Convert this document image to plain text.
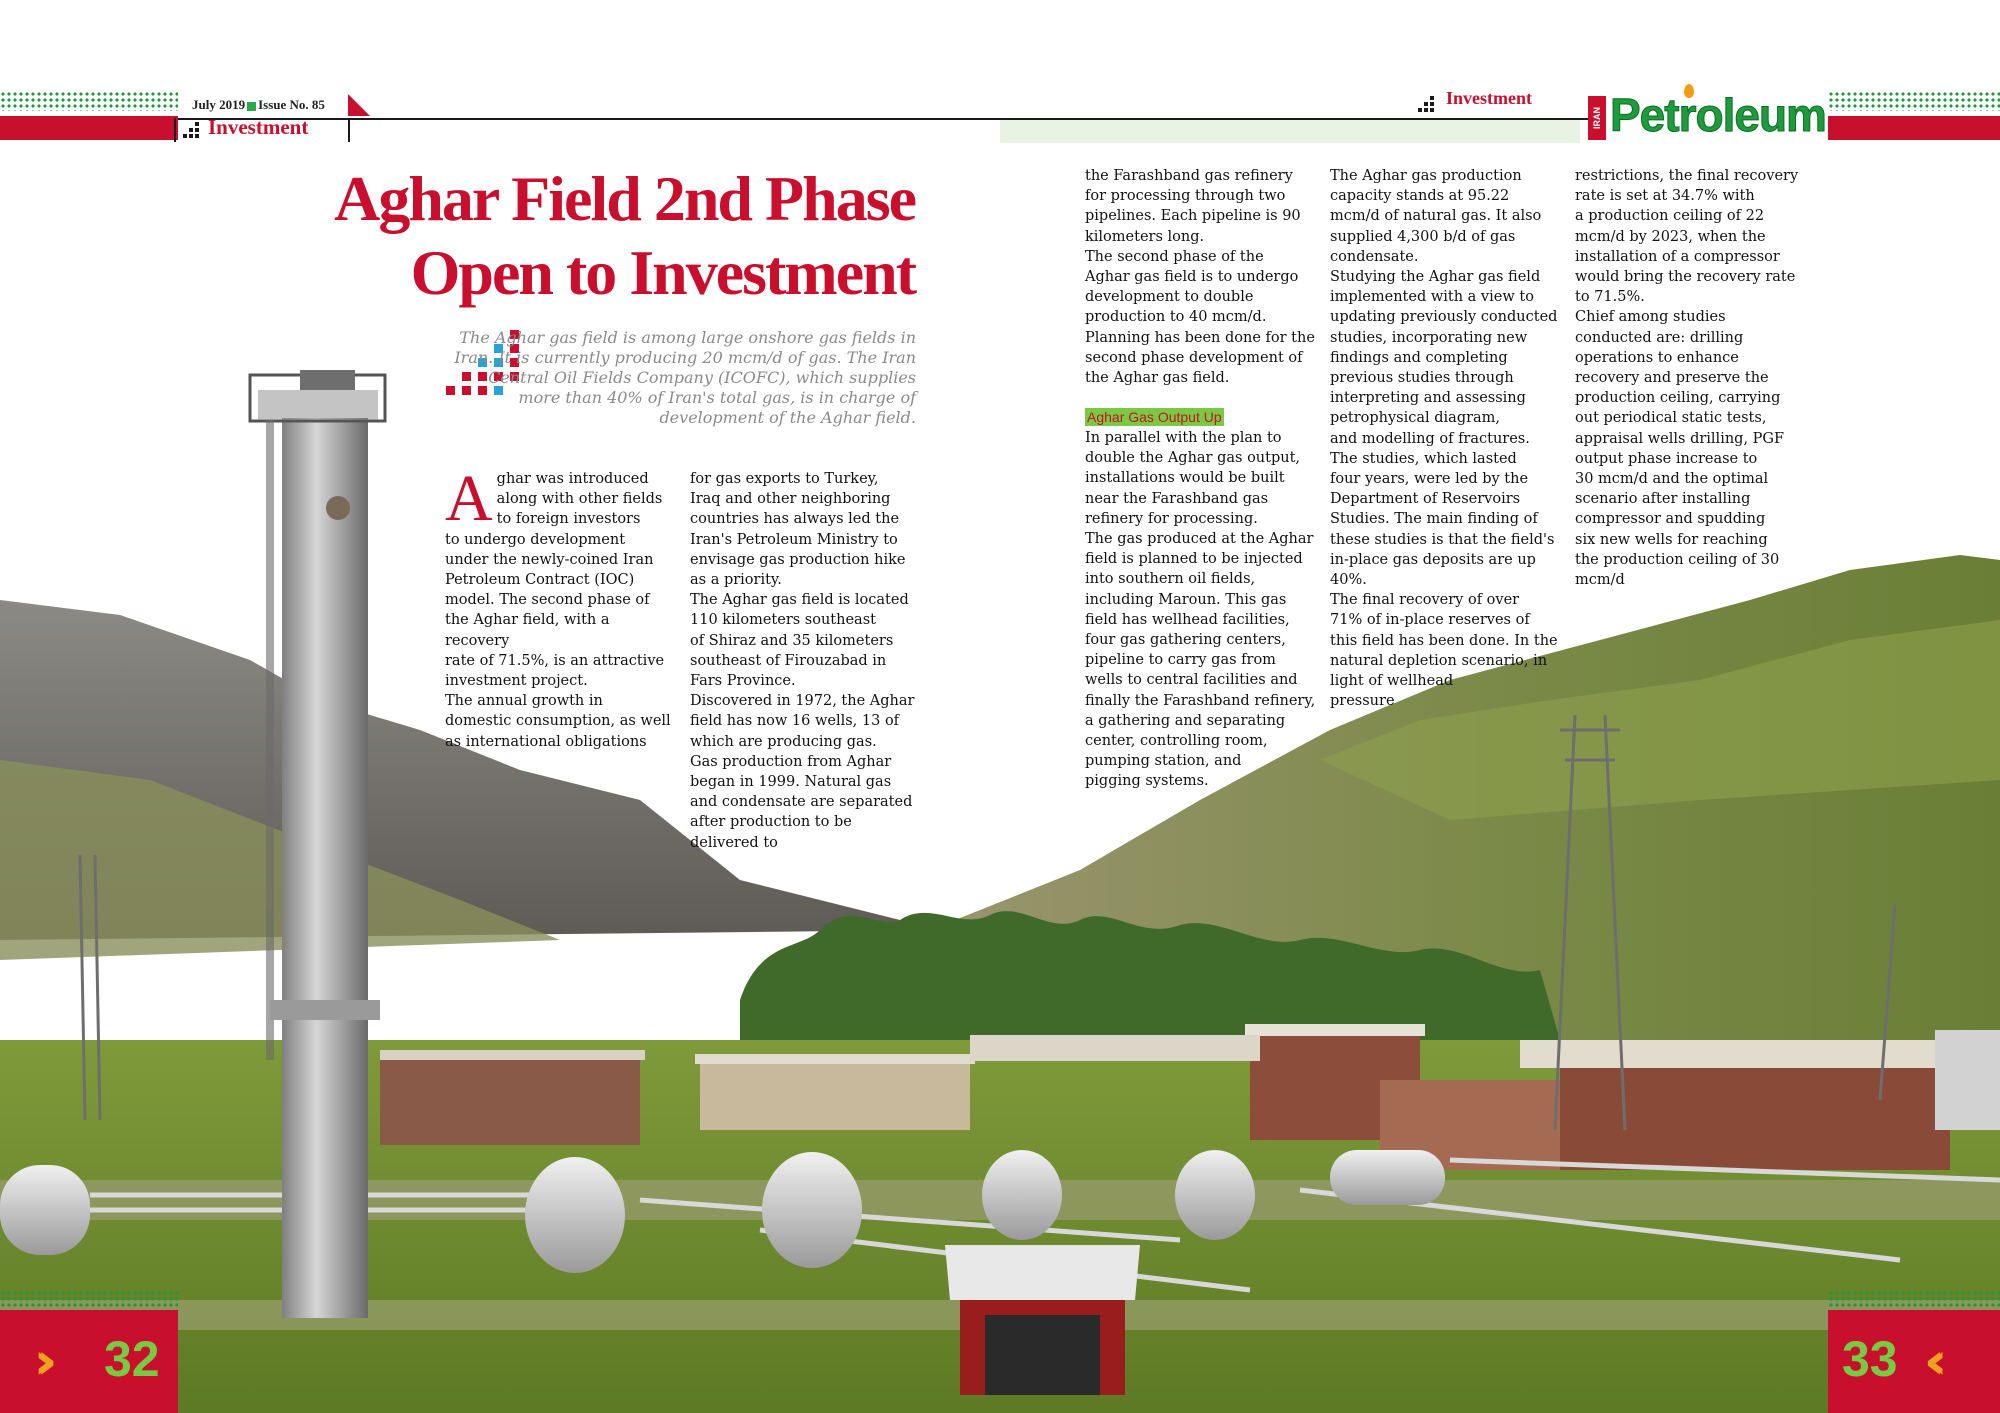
July 2019 Issue No. 85
Investment
Investment
IRAN Petroleum
Aghar Field 2nd Phase
Open to Investment
The Aghar gas field is among large onshore gas fields in Iran. It is currently producing 20 mcm/d of gas. The Iran Central Oil Fields Company (ICOFC), which supplies more than 40% of Iran's total gas, is in charge of development of the Aghar field.
Aghar was introduced
along with other fields
to foreign investors
to undergo development
under the newly-coined Iran
Petroleum Contract (IOC)
model. The second phase of
the Aghar field, with a recovery
rate of 71.5%, is an attractive
investment project.
The annual growth in
domestic consumption, as well
as international obligations
for gas exports to Turkey,
Iraq and other neighboring
countries has always led the
Iran's Petroleum Ministry to
envisage gas production hike
as a priority.
The Aghar gas field is located
110 kilometers southeast
of Shiraz and 35 kilometers
southeast of Firouzabad in
Fars Province.
Discovered in 1972, the Aghar
field has now 16 wells, 13 of
which are producing gas.
Gas production from Aghar
began in 1999. Natural gas
and condensate are separated
after production to be
delivered to
the Farashband gas refinery
for processing through two
pipelines. Each pipeline is 90
kilometers long.
The second phase of the
Aghar gas field is to undergo
development to double
production to 40 mcm/d.
Planning has been done for the
second phase development of
the Aghar gas field.
Aghar Gas Output Up
In parallel with the plan to
double the Aghar gas output,
installations would be built
near the Farashband gas
refinery for processing.
The gas produced at the Aghar
field is planned to be injected
into southern oil fields,
including Maroun. This gas
field has wellhead facilities,
four gas gathering centers,
pipeline to carry gas from
wells to central facilities and
finally the Farashband refinery,
a gathering and separating
center, controlling room,
pumping station, and
pigging systems.
The Aghar gas production
capacity stands at 95.22
mcm/d of natural gas. It also
supplied 4,300 b/d of gas
condensate.
Studying the Aghar gas field
implemented with a view to
updating previously conducted
studies, incorporating new
findings and completing
previous studies through
interpreting and assessing
petrophysical diagram,
and modelling of fractures.
The studies, which lasted
four years, were led by the
Department of Reservoirs
Studies. The main finding of
these studies is that the field's
in-place gas deposits are up
40%.
The final recovery of over
71% of in-place reserves of
this field has been done. In the
natural depletion scenario, in
light of wellhead
pressure
restrictions, the final recovery
rate is set at 34.7% with
a production ceiling of 22
mcm/d by 2023, when the
installation of a compressor
would bring the recovery rate
to 71.5%.
Chief among studies
conducted are: drilling
operations to enhance
recovery and preserve the
production ceiling, carrying
out periodical static tests,
appraisal wells drilling, PGF
output phase increase to
30 mcm/d and the optimal
scenario after installing
compressor and spudding
six new wells for reaching
the production ceiling of 30
mcm/d
›› 32	33 ‹‹
